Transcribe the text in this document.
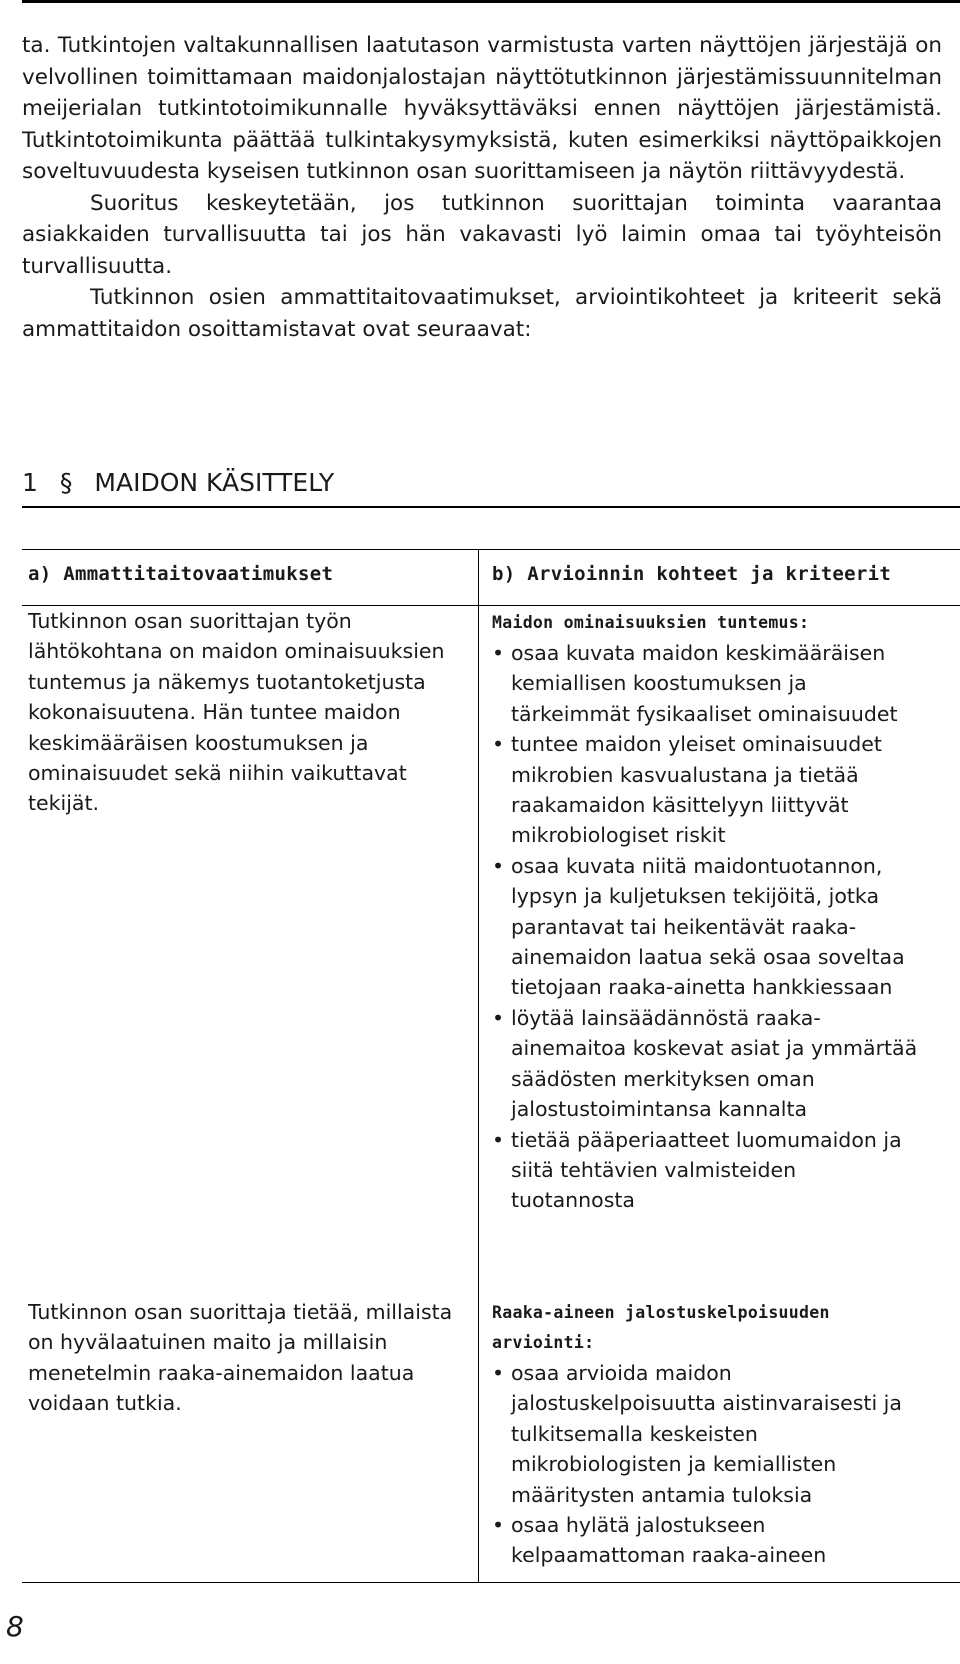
ta. Tutkintojen valtakunnallisen laatutason varmistusta varten näyttöjen järjestäjä on velvollinen toimittamaan maidonjalostajan näyttötutkinnon järjestämissuunnitelman meijerialan tutkintotoimikunnalle hyväksyttäväksi ennen näyttöjen järjestämistä. Tutkintotoimikunta päättää tulkintakysymyksistä, kuten esimerkiksi näyttöpaikkojen soveltuvuudesta kyseisen tutkinnon osan suorittamiseen ja näytön riittävyydestä.

Suoritus keskeytetään, jos tutkinnon suorittajan toiminta vaarantaa asiakkaiden turvallisuutta tai jos hän vakavasti lyö laimin omaa tai työyhteisön turvallisuutta.

Tutkinnon osien ammattitaitovaatimukset, arviointikohteet ja kriteerit sekä ammattitaidon osoittamistavat ovat seuraavat:

1 § MAIDON KÄSITTELY
a) Ammattitaitovaatimukset	b) Arvioinnin kohteet ja kriteerit
Tutkinnon osan suorittajan työn lähtökohtana on maidon ominaisuuksien tuntemus ja näkemys tuotantoketjusta kokonaisuutena. Hän tuntee maidon keskimääräisen koostumuksen ja ominaisuudet sekä niihin vaikuttavat tekijät.
Maidon ominaisuuksien tuntemus:
• osaa kuvata maidon keskimääräisen kemiallisen koostumuksen ja tärkeimmät fysikaaliset ominaisuudet
• tuntee maidon yleiset ominaisuudet mikrobien kasvualustana ja tietää raakamaidon käsittelyyn liittyvät mikrobiologiset riskit
• osaa kuvata niitä maidontuotannon, lypsyn ja kuljetuksen tekijöitä, jotka parantavat tai heikentävät raaka-ainemaidon laatua sekä osaa soveltaa tietojaan raaka-ainetta hankkiessaan
• löytää lainsäädännöstä raaka-ainemaitoa koskevat asiat ja ymmärtää säädösten merkityksen oman jalostustoimintansa kannalta
• tietää pääperiaatteet luomumaidon ja siitä tehtävien valmisteiden tuotannosta
Tutkinnon osan suorittaja tietää, millaista on hyvälaatuinen maito ja millaisin menetelmin raaka-ainemaidon laatua voidaan tutkia.
Raaka-aineen jalostuskelpoisuuden arviointi:
• osaa arvioida maidon jalostuskelpoisuutta aistinvaraisesti ja tulkitsemalla keskeisten mikrobiologisten ja kemiallisten määritysten antamia tuloksia
• osaa hylätä jalostukseen kelpaamattoman raaka-aineen
8
